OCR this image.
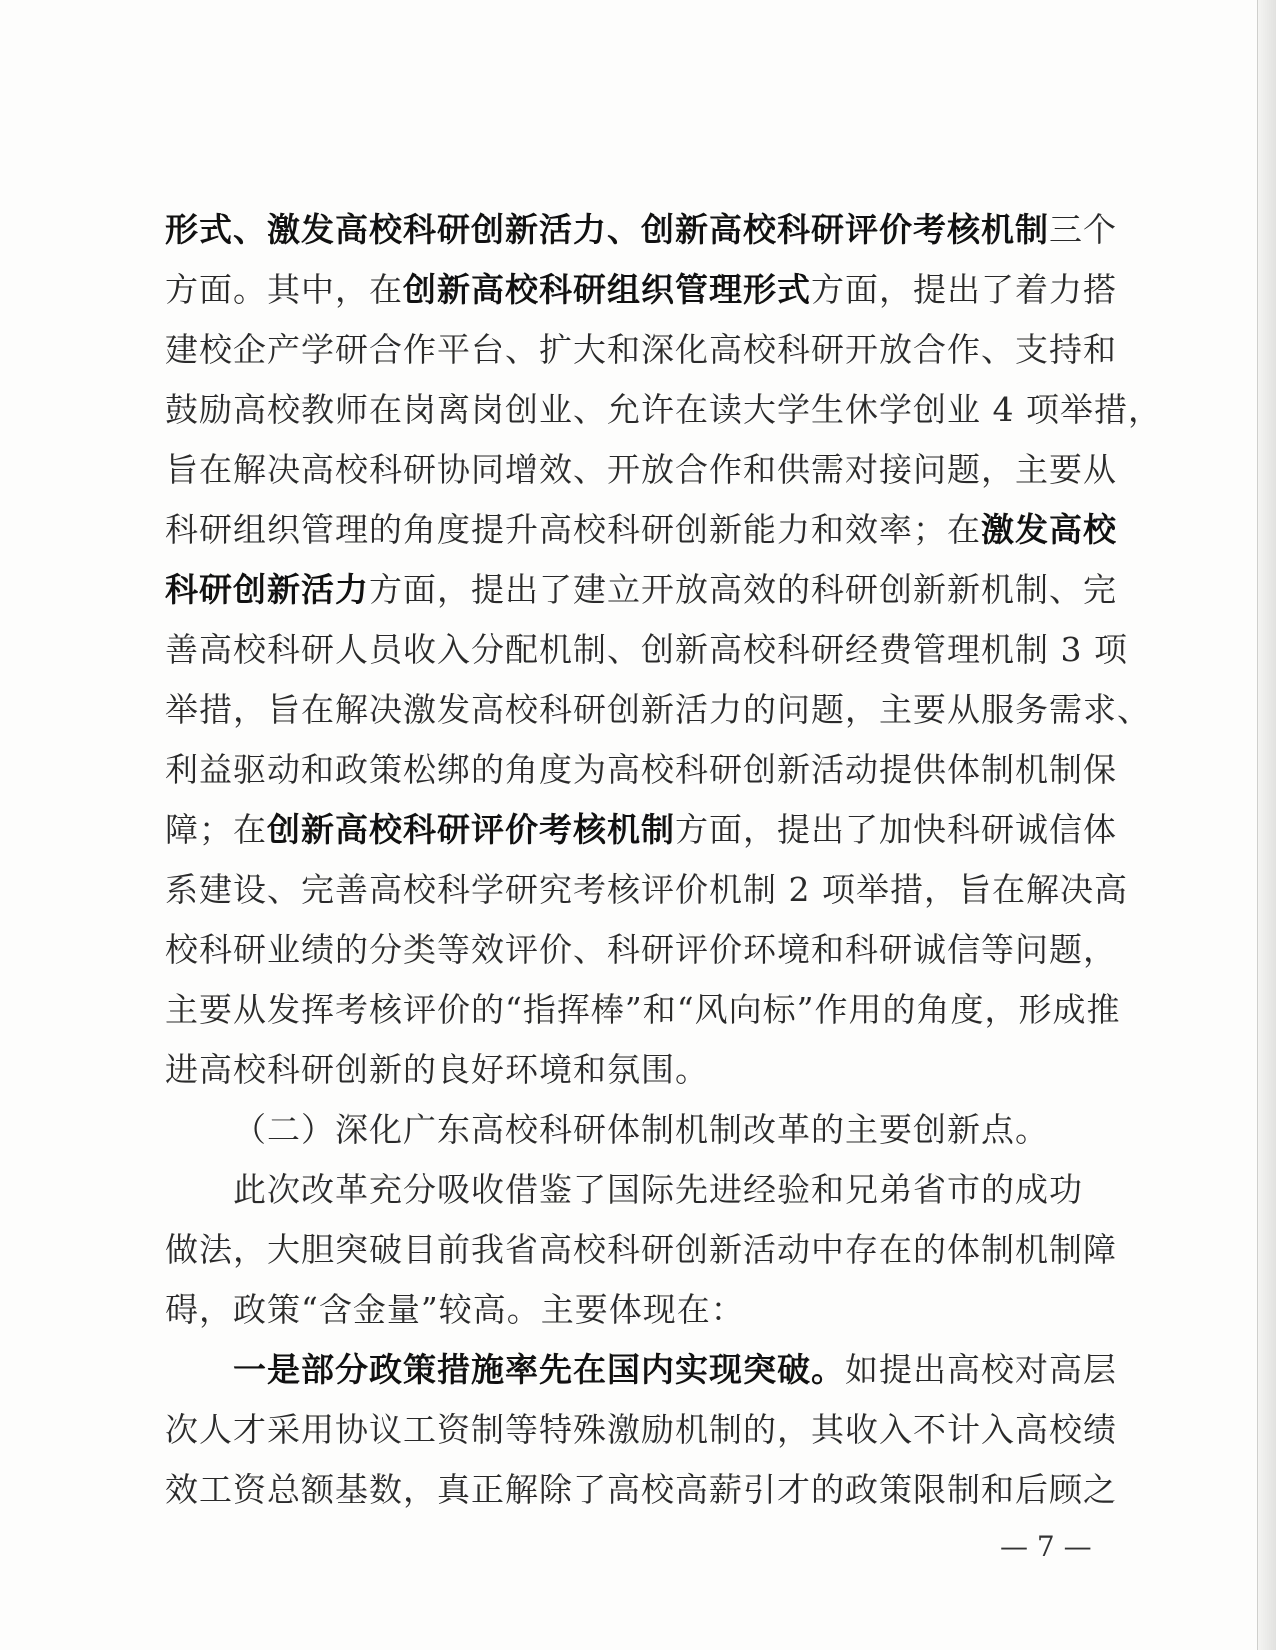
形式、激发高校科研创新活力、创新高校科研评价考核机制三个
方面。其中，在创新高校科研组织管理形式方面，提出了着力搭
建校企产学研合作平台、扩大和深化高校科研开放合作、支持和
鼓励高校教师在岗离岗创业、允许在读大学生休学创业 4 项举措，
旨在解决高校科研协同增效、开放合作和供需对接问题，主要从
科研组织管理的角度提升高校科研创新能力和效率；在激发高校
科研创新活力方面，提出了建立开放高效的科研创新新机制、完
善高校科研人员收入分配机制、创新高校科研经费管理机制 3 项
举措，旨在解决激发高校科研创新活力的问题，主要从服务需求、
利益驱动和政策松绑的角度为高校科研创新活动提供体制机制保
障；在创新高校科研评价考核机制方面，提出了加快科研诚信体
系建设、完善高校科学研究考核评价机制 2 项举措，旨在解决高
校科研业绩的分类等效评价、科研评价环境和科研诚信等问题，
主要从发挥考核评价的“指挥棒”和“风向标”作用的角度，形成推
进高校科研创新的良好环境和氛围。
（二）深化广东高校科研体制机制改革的主要创新点。
此次改革充分吸收借鉴了国际先进经验和兄弟省市的成功
做法，大胆突破目前我省高校科研创新活动中存在的体制机制障
碍，政策“含金量”较高。主要体现在：
一是部分政策措施率先在国内实现突破。如提出高校对高层
次人才采用协议工资制等特殊激励机制的，其收入不计入高校绩
效工资总额基数，真正解除了高校高薪引才的政策限制和后顾之
— 7 —
